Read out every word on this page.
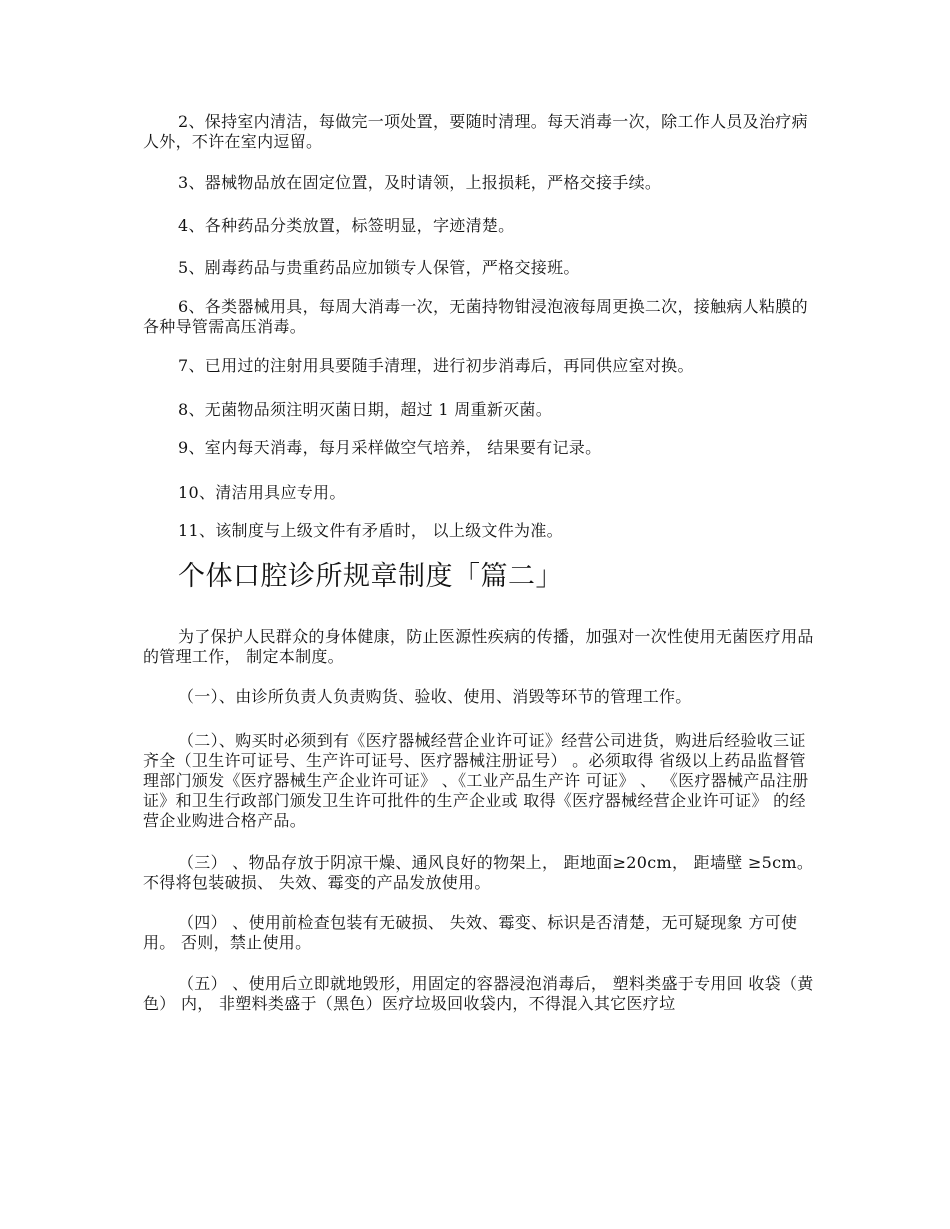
2、保持室内清洁，每做完一项处置，要随时清理。每天消毒一次，除工作人员及治疗病人外，不许在室内逗留。

3、器械物品放在固定位置，及时请领，上报损耗，严格交接手续。

4、各种药品分类放置，标签明显，字迹清楚。

5、剧毒药品与贵重药品应加锁专人保管，严格交接班。

6、各类器械用具，每周大消毒一次，无菌持物钳浸泡液每周更换二次，接触病人粘膜的各种导管需高压消毒。

7、已用过的注射用具要随手清理，进行初步消毒后，再同供应室对换。

8、无菌物品须注明灭菌日期，超过 1 周重新灭菌。

9、室内每天消毒，每月采样做空气培养， 结果要有记录。

10、清洁用具应专用。

11、该制度与上级文件有矛盾时， 以上级文件为准。

个体口腔诊所规章制度「篇二」

为了保护人民群众的身体健康，防止医源性疾病的传播，加强对一次性使用无菌医疗用品的管理工作， 制定本制度。

（一）、由诊所负责人负责购货、验收、使用、消毁等环节的管理工作。

（二）、购买时必须到有《医疗器械经营企业许可证》经营公司进货，购进后经验收三证齐全（卫生许可证号、生产许可证号、医疗器械注册证号） 。必须取得 省级以上药品监督管理部门颁发《医疗器械生产企业许可证》 、《工业产品生产许 可证》 、 《医疗器械产品注册证》和卫生行政部门颁发卫生许可批件的生产企业或 取得《医疗器械经营企业许可证》 的经营企业购进合格产品。

（三） 、物品存放于阴凉干燥、通风良好的物架上， 距地面≥20cm， 距墙壁 ≥5cm。不得将包装破损、 失效、霉变的产品发放使用。

（四） 、使用前检查包装有无破损、 失效、霉变、标识是否清楚，无可疑现象 方可使用。 否则，禁止使用。

（五） 、使用后立即就地毁形，用固定的容器浸泡消毒后， 塑料类盛于专用回 收袋（黄色） 内， 非塑料类盛于（黑色）医疗垃圾回收袋内，不得混入其它医疗垃
